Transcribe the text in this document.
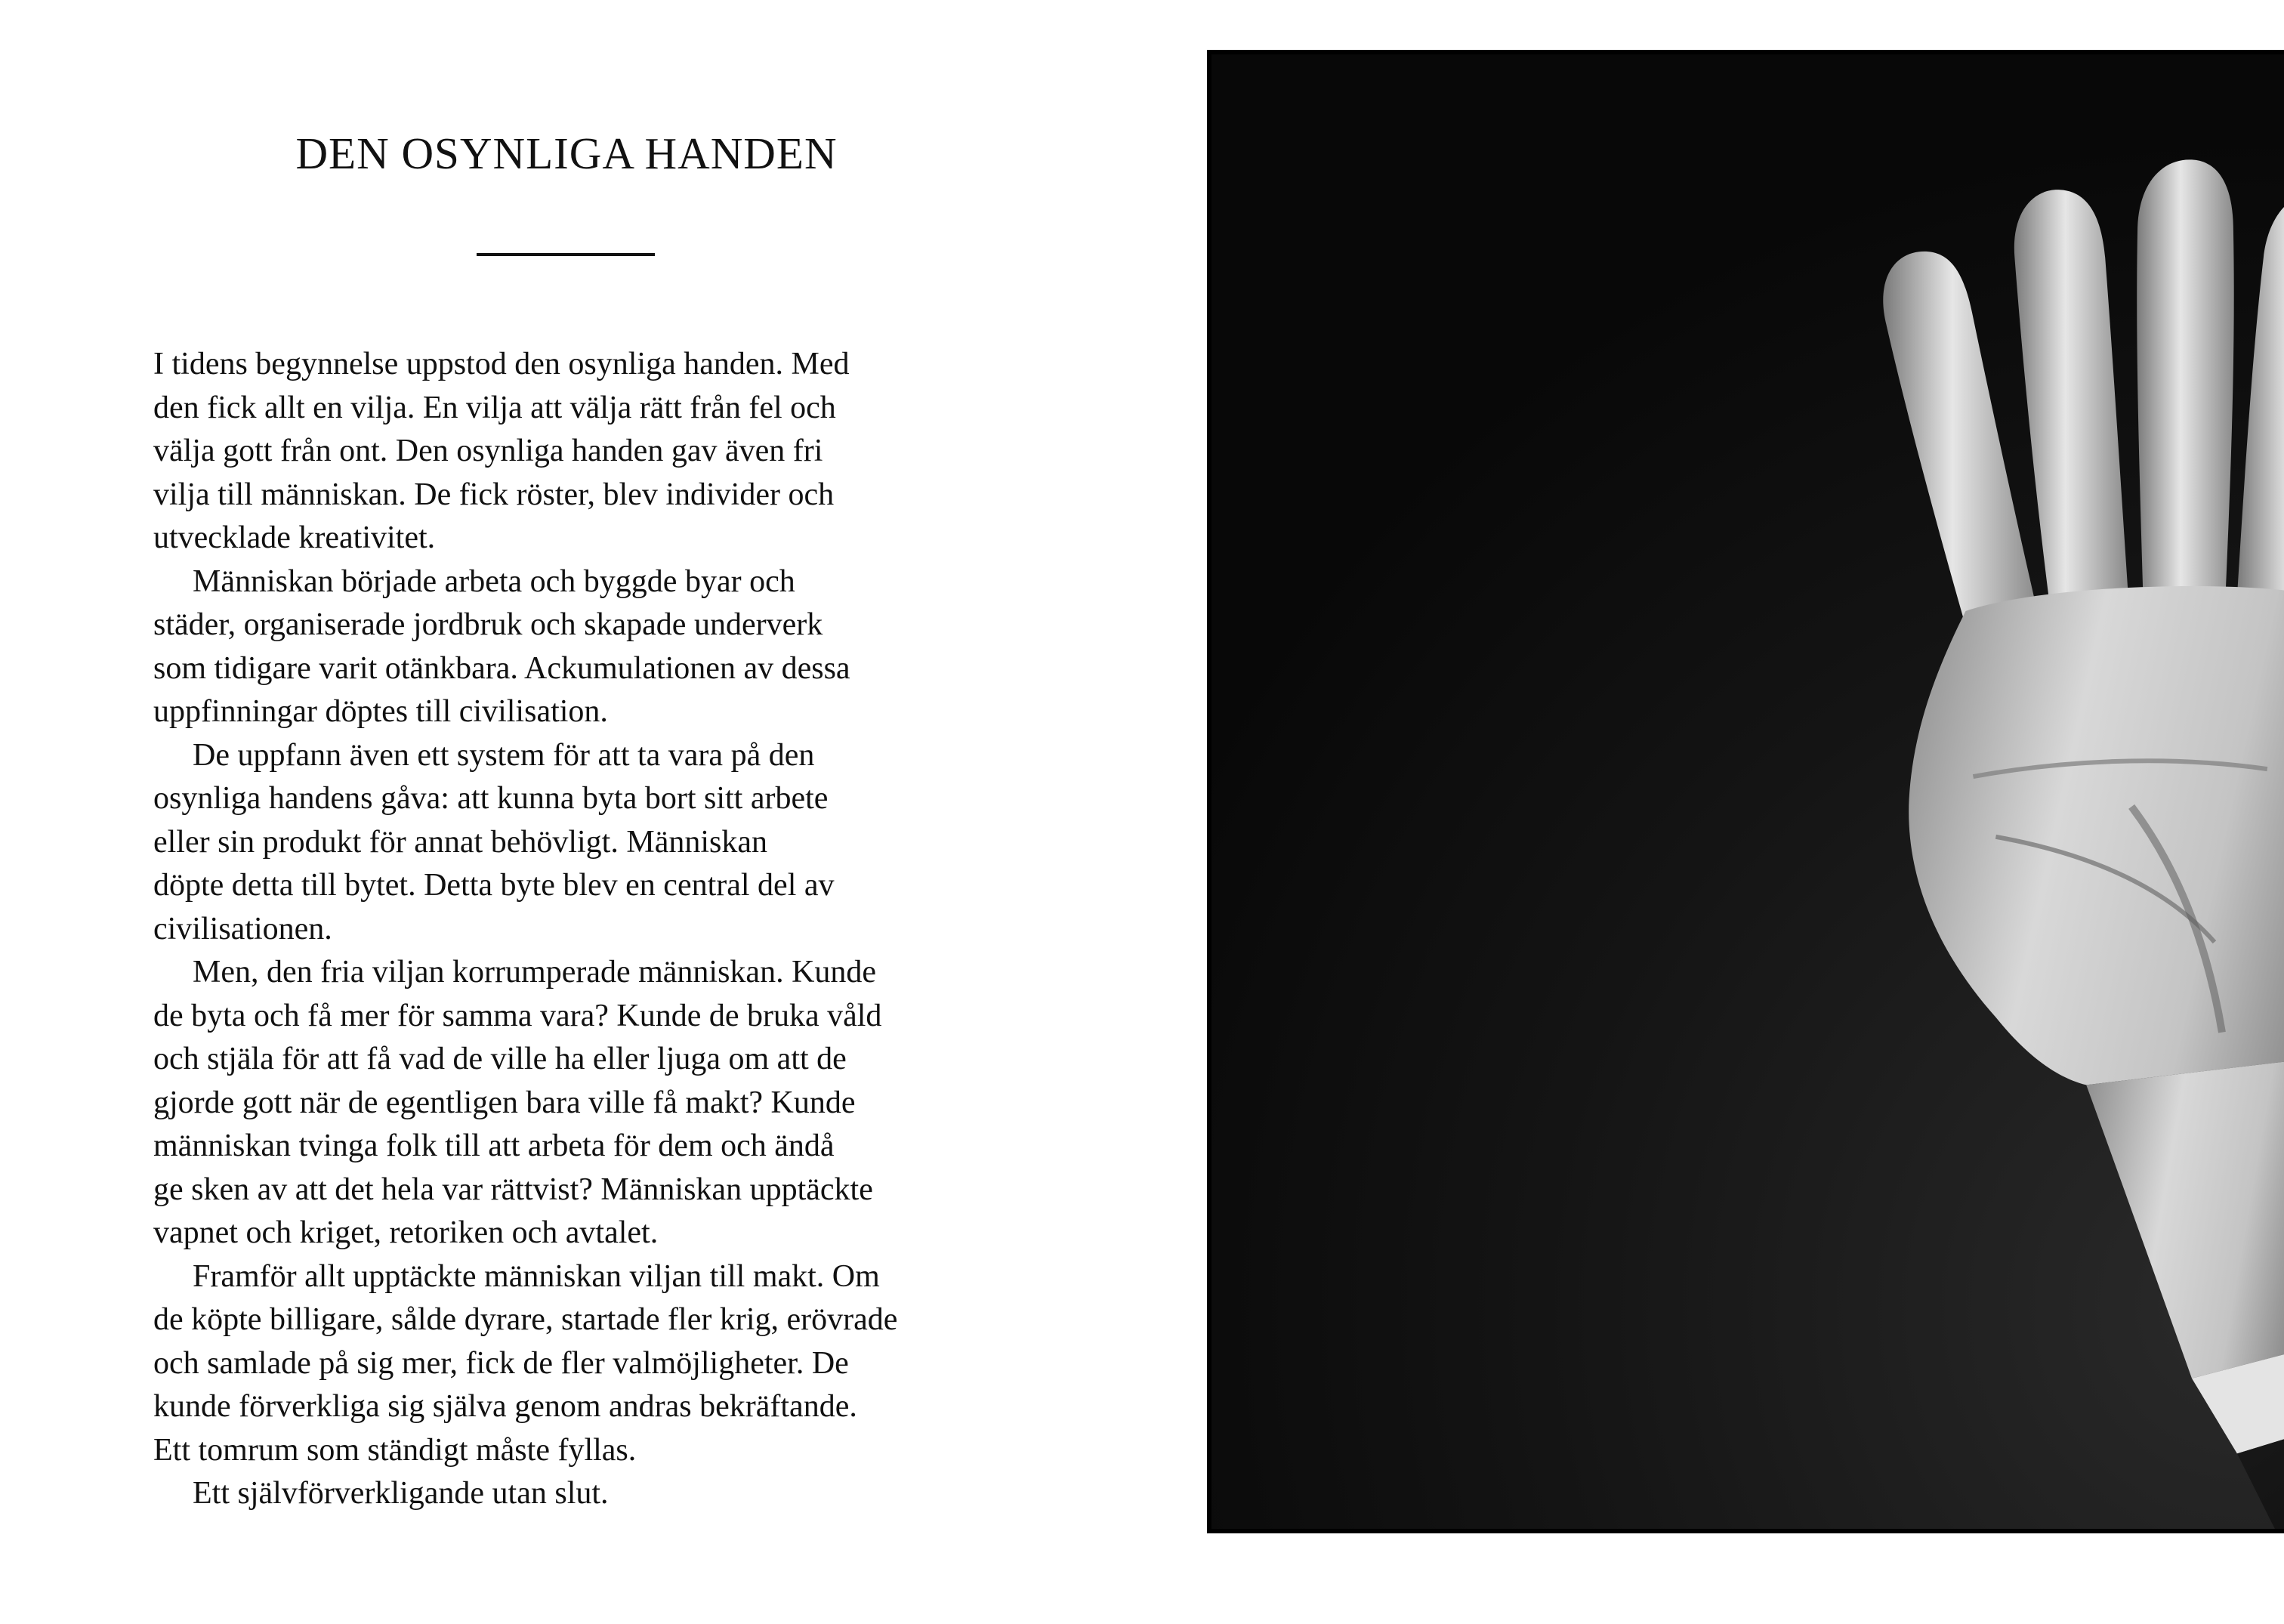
DEN OSYNLIGA HANDEN

I tidens begynnelse uppstod den osynliga handen. Med
den fick allt en vilja. En vilja att välja rätt från fel och
välja gott från ont. Den osynliga handen gav även fri
vilja till människan. De fick röster, blev individer och
utvecklade kreativitet.

Människan började arbeta och byggde byar och
städer, organiserade jordbruk och skapade underverk
som tidigare varit otänkbara. Ackumulationen av dessa
uppfinningar döptes till civilisation.

De uppfann även ett system för att ta vara på den
osynliga handens gåva: att kunna byta bort sitt arbete
eller sin produkt för annat behövligt. Människan
döpte detta till bytet. Detta byte blev en central del av
civilisationen.

Men, den fria viljan korrumperade människan. Kunde
de byta och få mer för samma vara? Kunde de bruka våld
och stjäla för att få vad de ville ha eller ljuga om att de
gjorde gott när de egentligen bara ville få makt? Kunde
människan tvinga folk till att arbeta för dem och ändå
ge sken av att det hela var rättvist? Människan upptäckte
vapnet och kriget, retoriken och avtalet.

Framför allt upptäckte människan viljan till makt. Om
de köpte billigare, sålde dyrare, startade fler krig, erövrade
och samlade på sig mer, fick de fler valmöjligheter. De
kunde förverkliga sig själva genom andras bekräftande.
Ett tomrum som ständigt måste fyllas.

Ett självförverkligande utan slut.
